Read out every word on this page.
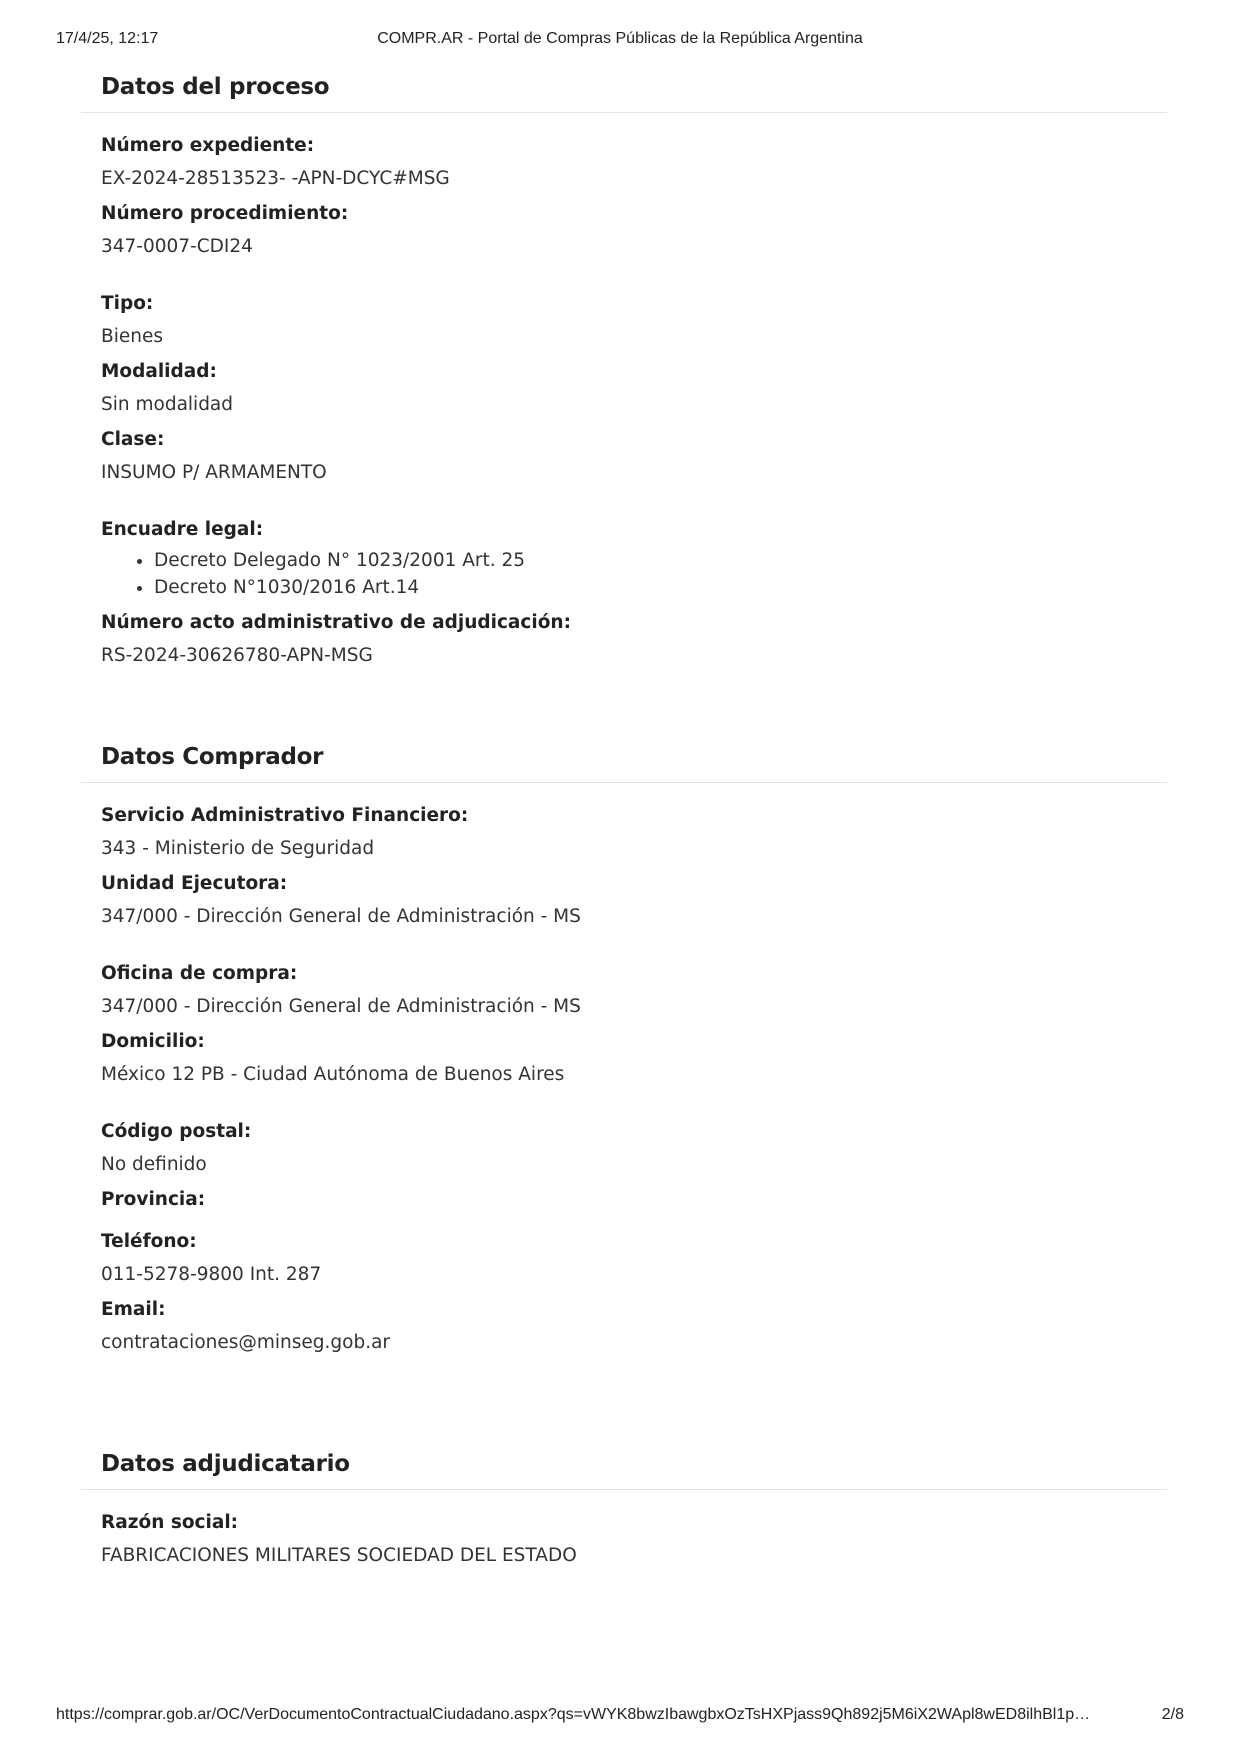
17/4/25, 12:17	COMPR.AR - Portal de Compras Públicas de la República Argentina
Datos del proceso
Número expediente:
EX-2024-28513523- -APN-DCYC#MSG
Número procedimiento:
347-0007-CDI24
Tipo:
Bienes
Modalidad:
Sin modalidad
Clase:
INSUMO P/ ARMAMENTO
Encuadre legal:
• Decreto Delegado N° 1023/2001 Art. 25
• Decreto N°1030/2016 Art.14
Número acto administrativo de adjudicación:
RS-2024-30626780-APN-MSG
Datos Comprador
Servicio Administrativo Financiero:
343 - Ministerio de Seguridad
Unidad Ejecutora:
347/000 - Dirección General de Administración - MS
Oficina de compra:
347/000 - Dirección General de Administración - MS
Domicilio:
México 12 PB - Ciudad Autónoma de Buenos Aires
Código postal:
No definido
Provincia:
Teléfono:
011-5278-9800 Int. 287
Email:
contrataciones@minseg.gob.ar
Datos adjudicatario
Razón social:
FABRICACIONES MILITARES SOCIEDAD DEL ESTADO
https://comprar.gob.ar/OC/VerDocumentoContractualCiudadano.aspx?qs=vWYK8bwzIbawgbxOzTsHXPjass9Qh892j5M6iX2WApl8wED8ilhBl1p…	2/8
